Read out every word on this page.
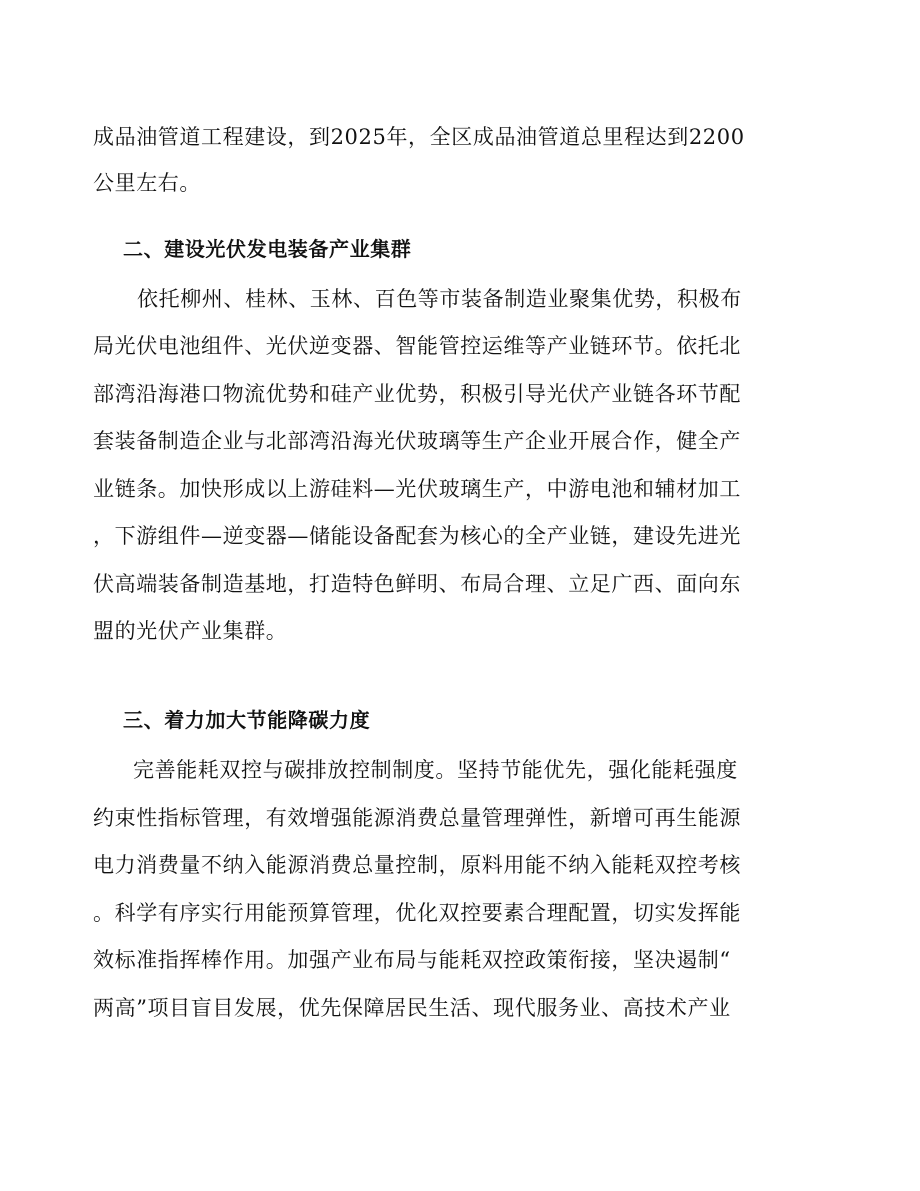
成品油管道工程建设，到2025年，全区成品油管道总里程达到2200
公里左右。
二、建设光伏发电装备产业集群
依托柳州、桂林、玉林、百色等市装备制造业聚集优势，积极布
局光伏电池组件、光伏逆变器、智能管控运维等产业链环节。依托北
部湾沿海港口物流优势和硅产业优势，积极引导光伏产业链各环节配
套装备制造企业与北部湾沿海光伏玻璃等生产企业开展合作，健全产
业链条。加快形成以上游硅料—光伏玻璃生产，中游电池和辅材加工
，下游组件—逆变器—储能设备配套为核心的全产业链，建设先进光
伏高端装备制造基地，打造特色鲜明、布局合理、立足广西、面向东
盟的光伏产业集群。
三、着力加大节能降碳力度
完善能耗双控与碳排放控制制度。坚持节能优先，强化能耗强度
约束性指标管理，有效增强能源消费总量管理弹性，新增可再生能源
电力消费量不纳入能源消费总量控制，原料用能不纳入能耗双控考核
。科学有序实行用能预算管理，优化双控要素合理配置，切实发挥能
效标准指挥棒作用。加强产业布局与能耗双控政策衔接，坚决遏制“
两高”项目盲目发展，优先保障居民生活、现代服务业、高技术产业
